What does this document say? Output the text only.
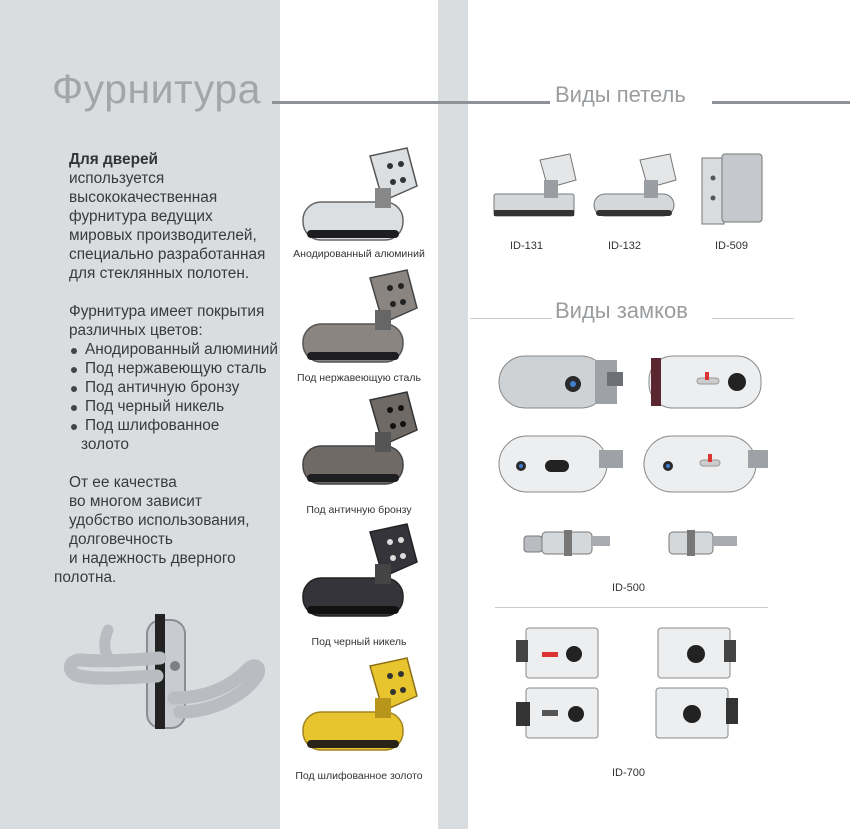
Фурнитура	Виды петель
Виды замков

Для дверей
используется
высококачественная
фурнитура ведущих
мировых производителей,
специально разработанная
для стеклянных полотен.

Фурнитура имеет покрытия
различных цветов:

Анодированный алюминий
Под нержавеющую сталь
Под античную бронзу
Под черный никель
Под шлифованное

золото

От ее качества
во многом зависит
удобство использования,
долговечность
и надежность дверного
полотна.

Анодированный алюминий
Под нержавеющую сталь
Под античную бронзу
Под черный никель
Под шлифованное золото
ID-131	ID-132	ID-509
ID-500
ID-700
